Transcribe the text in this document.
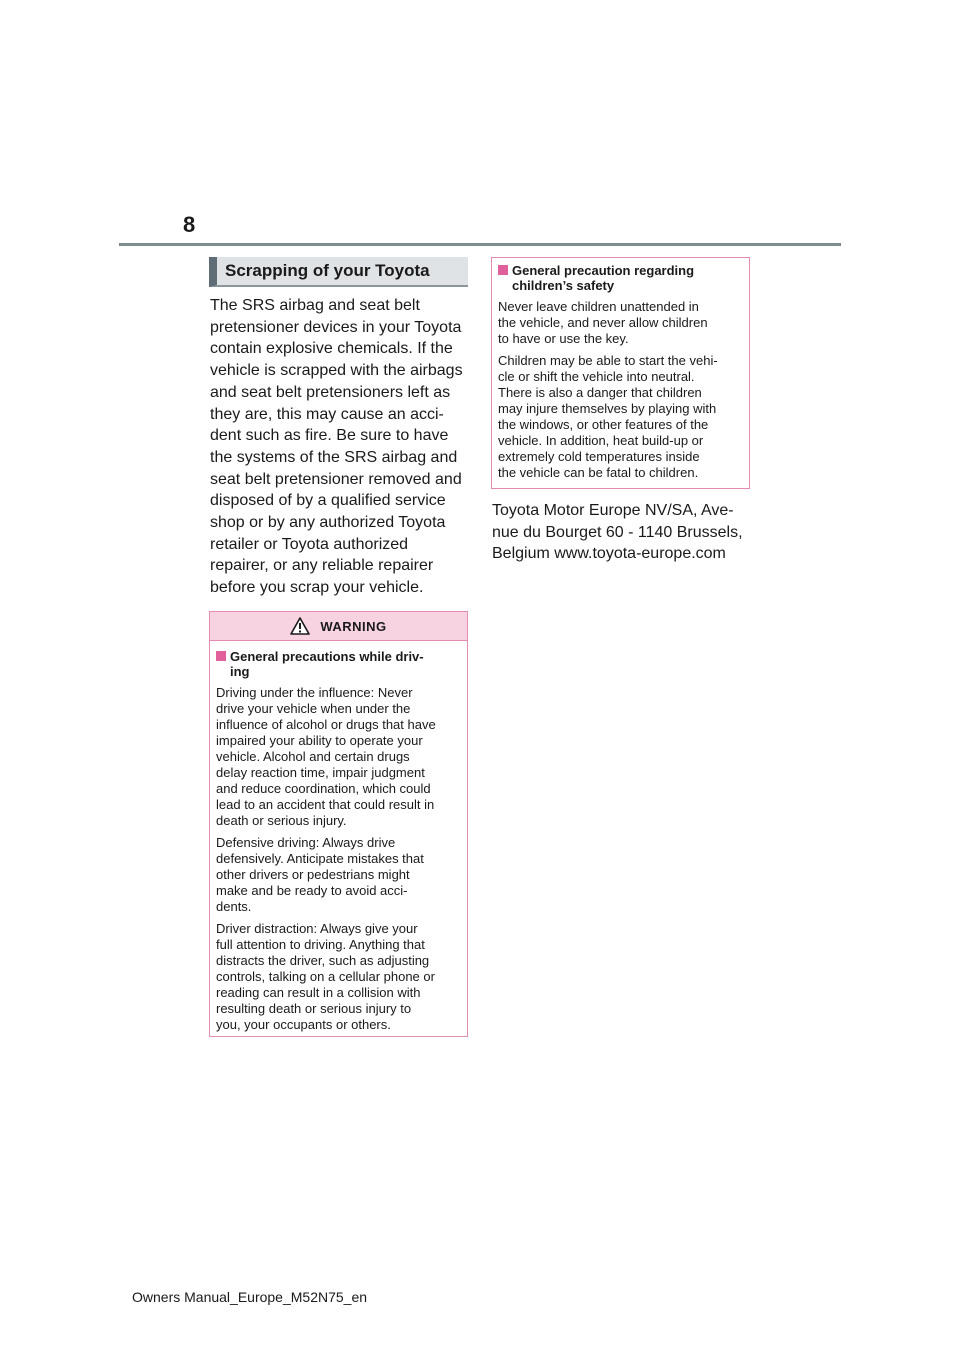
8
Scrapping of your Toyota
The SRS airbag and seat belt
pretensioner devices in your Toyota
contain explosive chemicals. If the
vehicle is scrapped with the airbags
and seat belt pretensioners left as
they are, this may cause an acci-
dent such as fire. Be sure to have
the systems of the SRS airbag and
seat belt pretensioner removed and
disposed of by a qualified service
shop or by any authorized Toyota
retailer or Toyota authorized
repairer, or any reliable repairer
before you scrap your vehicle.
WARNING
General precautions while driv-
ing

Driving under the influence: Never
drive your vehicle when under the
influence of alcohol or drugs that have
impaired your ability to operate your
vehicle. Alcohol and certain drugs
delay reaction time, impair judgment
and reduce coordination, which could
lead to an accident that could result in
death or serious injury.

Defensive driving: Always drive
defensively. Anticipate mistakes that
other drivers or pedestrians might
make and be ready to avoid acci-
dents.

Driver distraction: Always give your
full attention to driving. Anything that
distracts the driver, such as adjusting
controls, talking on a cellular phone or
reading can result in a collision with
resulting death or serious injury to
you, your occupants or others.

General precaution regarding
children’s safety

Never leave children unattended in
the vehicle, and never allow children
to have or use the key.

Children may be able to start the vehi-
cle or shift the vehicle into neutral.
There is also a danger that children
may injure themselves by playing with
the windows, or other features of the
vehicle. In addition, heat build-up or
extremely cold temperatures inside
the vehicle can be fatal to children.

Toyota Motor Europe NV/SA, Ave-
nue du Bourget 60 - 1140 Brussels,
Belgium www.toyota-europe.com
Owners Manual_Europe_M52N75_en
